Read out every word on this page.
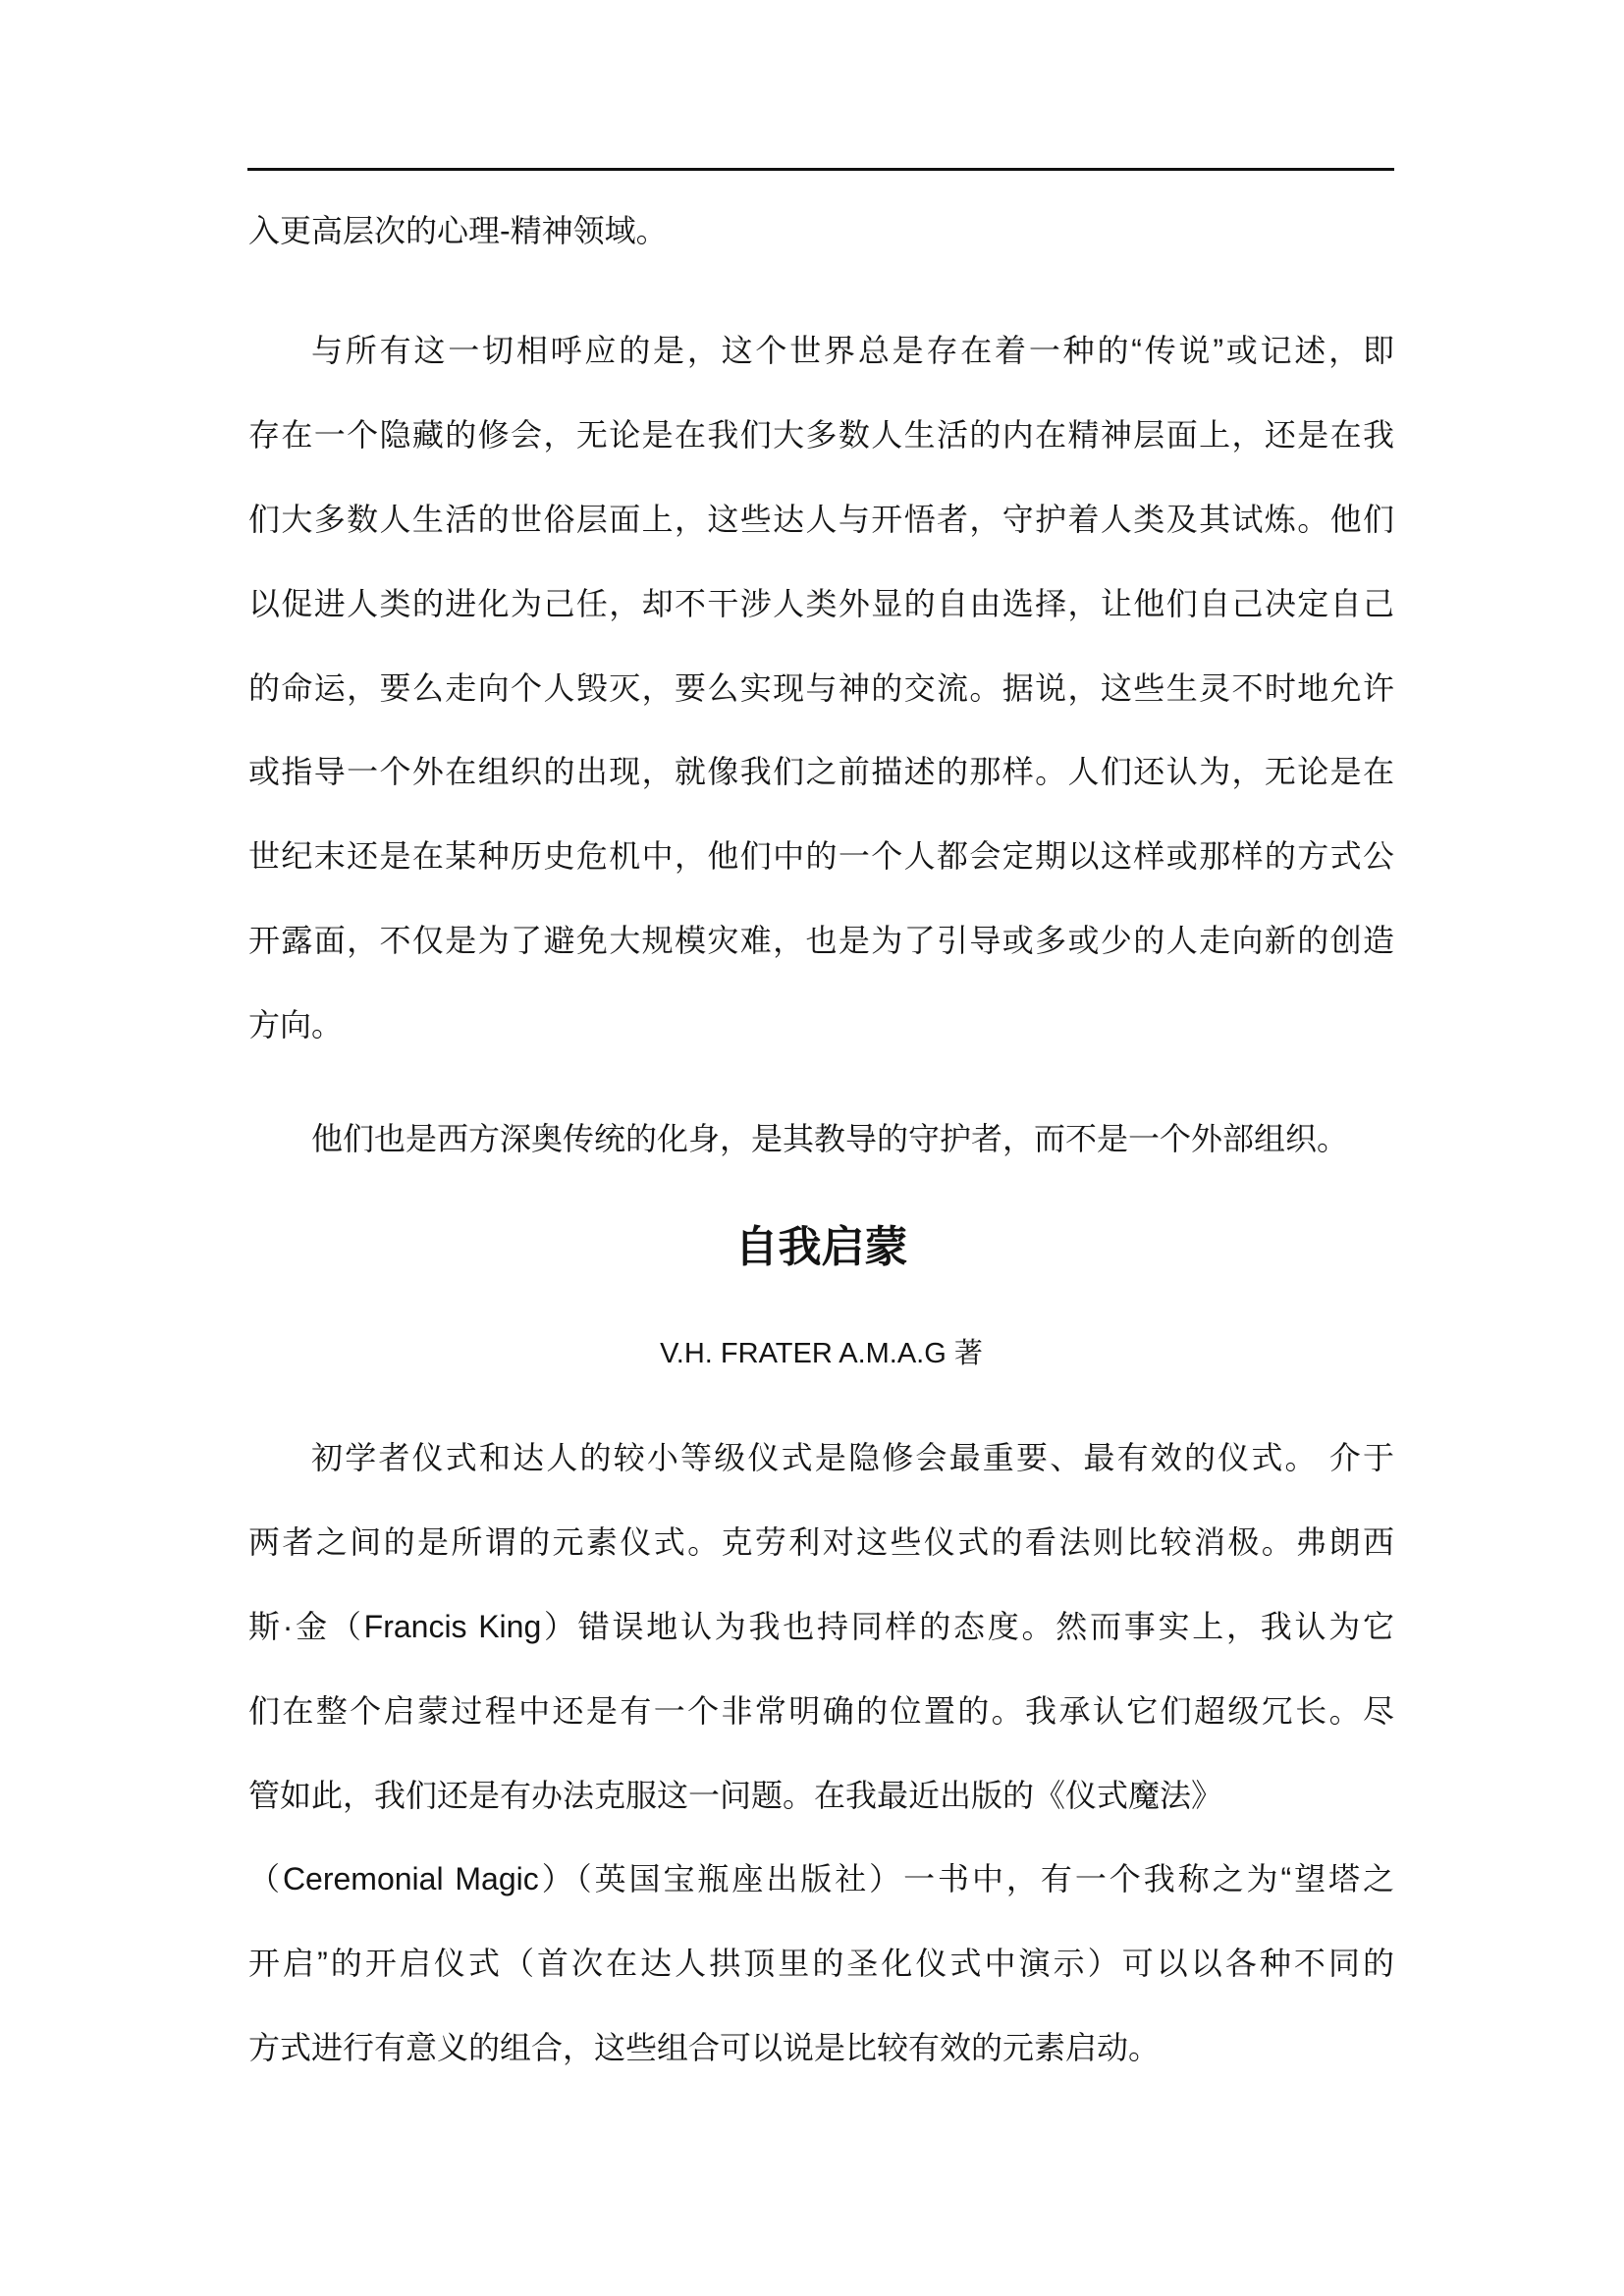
入更高层次的心理-精神领域。
与所有这一切相呼应的是，这个世界总是存在着一种的“传说”或记述，即
存在一个隐藏的修会，无论是在我们大多数人生活的内在精神层面上，还是在我
们大多数人生活的世俗层面上，这些达人与开悟者，守护着人类及其试炼。他们
以促进人类的进化为己任，却不干涉人类外显的自由选择，让他们自己决定自己
的命运，要么走向个人毁灭，要么实现与神的交流。据说，这些生灵不时地允许
或指导一个外在组织的出现，就像我们之前描述的那样。人们还认为，无论是在
世纪末还是在某种历史危机中，他们中的一个人都会定期以这样或那样的方式公
开露面，不仅是为了避免大规模灾难，也是为了引导或多或少的人走向新的创造
方向。
他们也是西方深奥传统的化身，是其教导的守护者，而不是一个外部组织。
自我启蒙
V.H. FRATER A.M.A.G 著
初学者仪式和达人的较小等级仪式是隐修会最重要、最有效的仪式。 介于
两者之间的是所谓的元素仪式。克劳利对这些仪式的看法则比较消极。弗朗西
斯·金（Francis King）错误地认为我也持同样的态度。然而事实上，我认为它
们在整个启蒙过程中还是有一个非常明确的位置的。我承认它们超级冗长。尽
管如此，我们还是有办法克服这一问题。在我最近出版的《仪式魔法》
（Ceremonial Magic）（英国宝瓶座出版社）一书中，有一个我称之为“望塔之
开启”的开启仪式（首次在达人拱顶里的圣化仪式中演示）可以以各种不同的
方式进行有意义的组合，这些组合可以说是比较有效的元素启动。
